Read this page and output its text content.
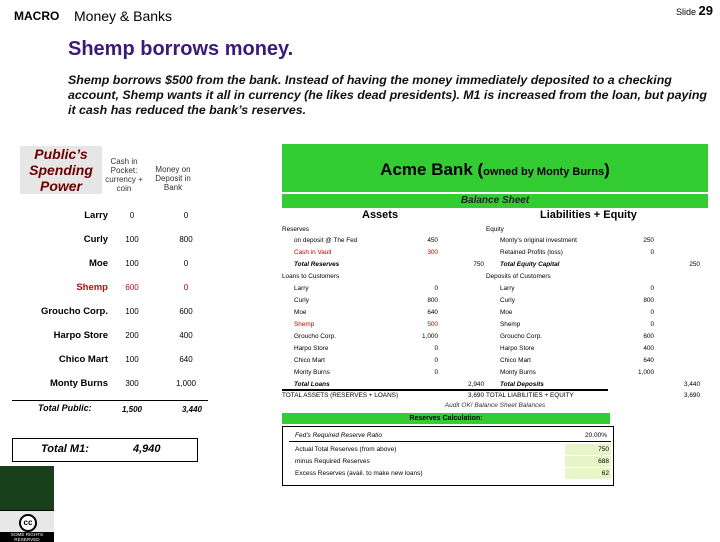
MACRO Money & Banks	Slide 29
Shemp borrows money.
Shemp borrows $500 from the bank. Instead of having the money immediately deposited to a checking account, Shemp wants it all in currency (he likes dead presidents). M1 is increased from the loan, but paying it cash has reduced the bank’s reserves.
Public’s Spending Power
Cash in Pocket: currency + coin
Money on Deposit in Bank
Larry	0	0
Curly	100	800
Moe	100	0
Shemp	600	0
Groucho Corp.	100	600
Harpo Store	200	400
Chico Mart	100	640
Monty Burns	300	1,000
Total Public:	1,500	3,440
Total M1:	4,940
cc
SOME RIGHTS RESERVED
Acme Bank (owned by Monty Burns)
Balance Sheet
Assets	Liabilities + Equity
Reserves
on deposit @ The Fed	450
Cash in Vault	300
Total Reserves	750
Loans to Customers
Larry	0
Curly	800
Moe	640
Shemp	500
Groucho Corp.	1,000
Harpo Store	0
Chico Mart	0
Monty Burns	0
Total Loans	2,940
TOTAL ASSETS (RESERVES + LOANS)	3,690
Equity
Monty’s original investment	250
Retained Profits (loss)	0
Total Equity Capital	250
Deposits of Customers
Larry	0
Curly	800
Moe	0
Shemp	0
Groucho Corp.	600
Harpo Store	400
Chico Mart	640
Monty Burns	1,000
Total Deposits	3,440
TOTAL LIABILITIES + EQUITY	3,690
Audit OK! Balance Sheet Balances
Reserves Calculation:
Fed’s Required Reserve Ratio	20.00%
Actual Total Reserves (from above)	750
minus Required Reserves	688
Excess Reserves (avail. to make new loans)	62
